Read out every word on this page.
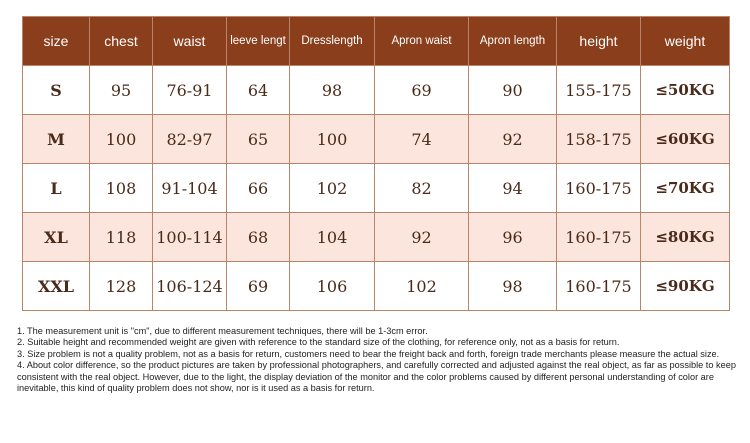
size	chest	waist	leeve lengt	Dresslength	Apron waist	Apron length	height	weight
S	95	76-91	64	98	69	90	155-175	≤50KG
M	100	82-97	65	100	74	92	158-175	≤60KG
L	108	91-104	66	102	82	94	160-175	≤70KG
XL	118	100-114	68	104	92	96	160-175	≤80KG
XXL	128	106-124	69	106	102	98	160-175	≤90KG

1. The measurement unit is "cm", due to different measurement techniques, there will be 1-3cm error.

2. Suitable height and recommended weight are given with reference to the standard size of the clothing, for reference only, not as a basis for return.

3. Size problem is not a quality problem, not as a basis for return, customers need to bear the freight back and forth, foreign trade merchants please measure the actual size.

4. About color difference, so the product pictures are taken by professional photographers, and carefully corrected and adjusted against the real object, as far as possible to keep consistent with the real object. However, due to the light, the display deviation of the monitor and the color problems caused by different personal understanding of color are inevitable, this kind of quality problem does not show, nor is it used as a basis for return.
